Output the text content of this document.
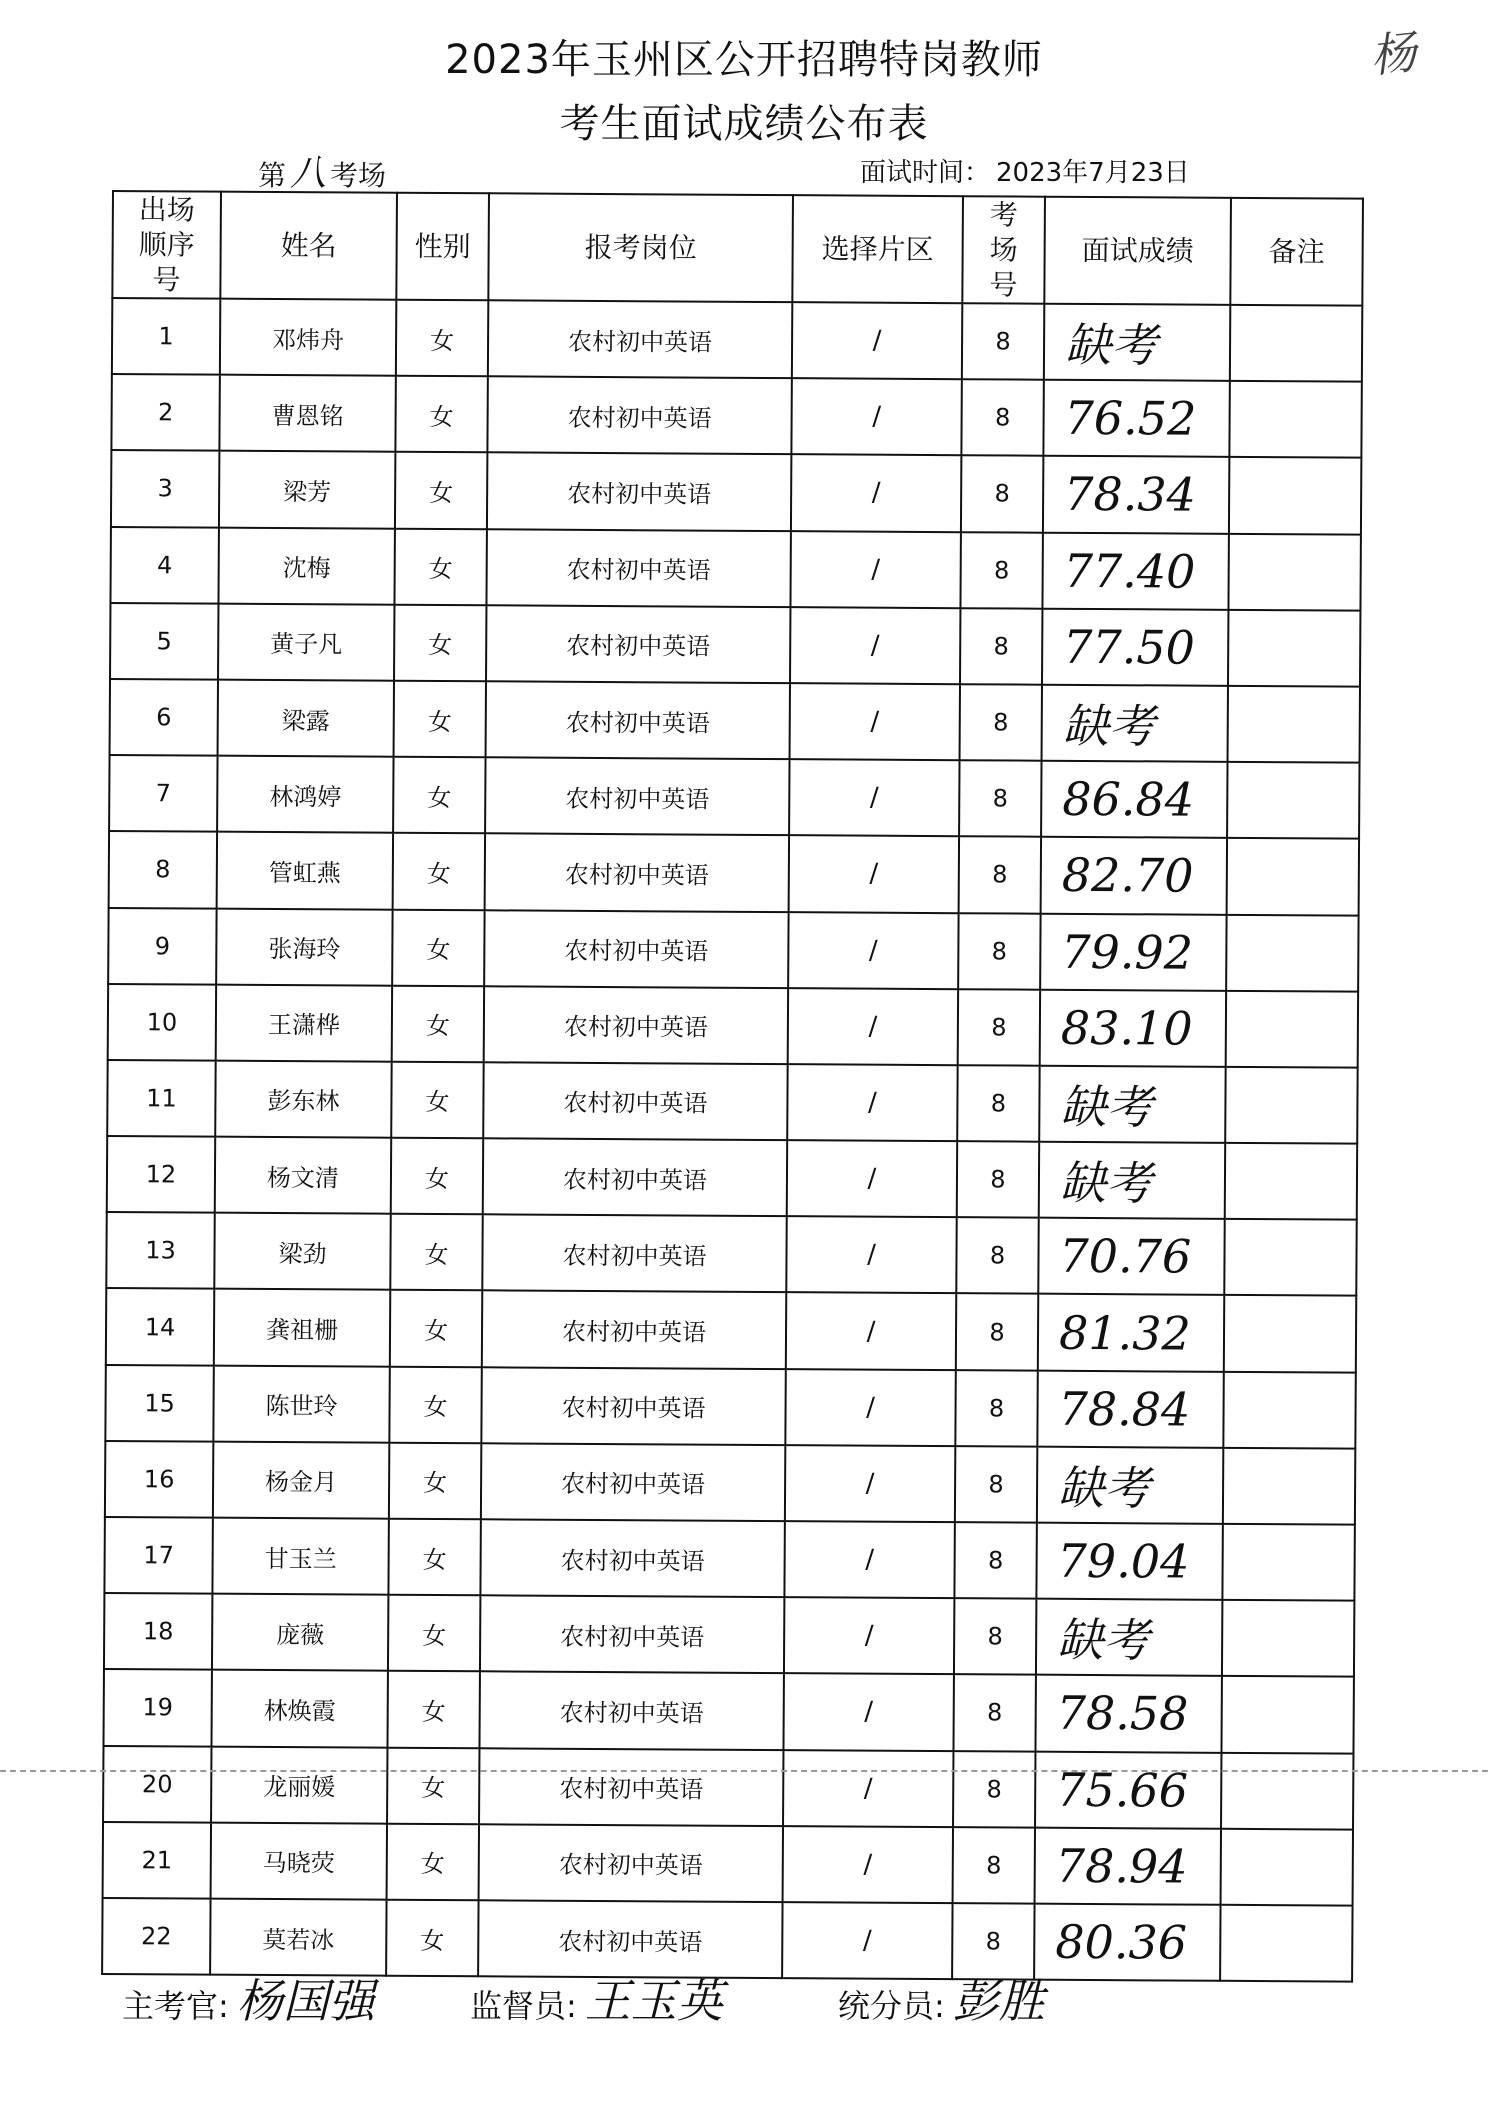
2023年玉州区公开招聘特岗教师
考生面试成绩公布表
杨
第 八 考场	面试时间： 2023年7月23日
出场顺序号	姓名	性别	报考岗位	选择片区	考场号	面试成绩	备注
1	邓炜舟	女	农村初中英语	/	8	缺考	
2	曹恩铭	女	农村初中英语	/	8	76.52	
3	梁芳	女	农村初中英语	/	8	78.34	
4	沈梅	女	农村初中英语	/	8	77.40	
5	黄子凡	女	农村初中英语	/	8	77.50	
6	梁露	女	农村初中英语	/	8	缺考	
7	林鸿婷	女	农村初中英语	/	8	86.84	
8	管虹燕	女	农村初中英语	/	8	82.70	
9	张海玲	女	农村初中英语	/	8	79.92	
10	王潇桦	女	农村初中英语	/	8	83.10	
11	彭东林	女	农村初中英语	/	8	缺考	
12	杨文清	女	农村初中英语	/	8	缺考	
13	梁劲	女	农村初中英语	/	8	70.76	
14	龚祖栅	女	农村初中英语	/	8	81.32	
15	陈世玲	女	农村初中英语	/	8	78.84	
16	杨金月	女	农村初中英语	/	8	缺考	
17	甘玉兰	女	农村初中英语	/	8	79.04	
18	庞薇	女	农村初中英语	/	8	缺考	
19	林焕霞	女	农村初中英语	/	8	78.58	
20	龙丽媛	女	农村初中英语	/	8	75.66	
21	马晓荧	女	农村初中英语	/	8	78.94	
22	莫若冰	女	农村初中英语	/	8	80.36	
主考官: 杨国强	监督员: 王玉英	统分员: 彭胜
